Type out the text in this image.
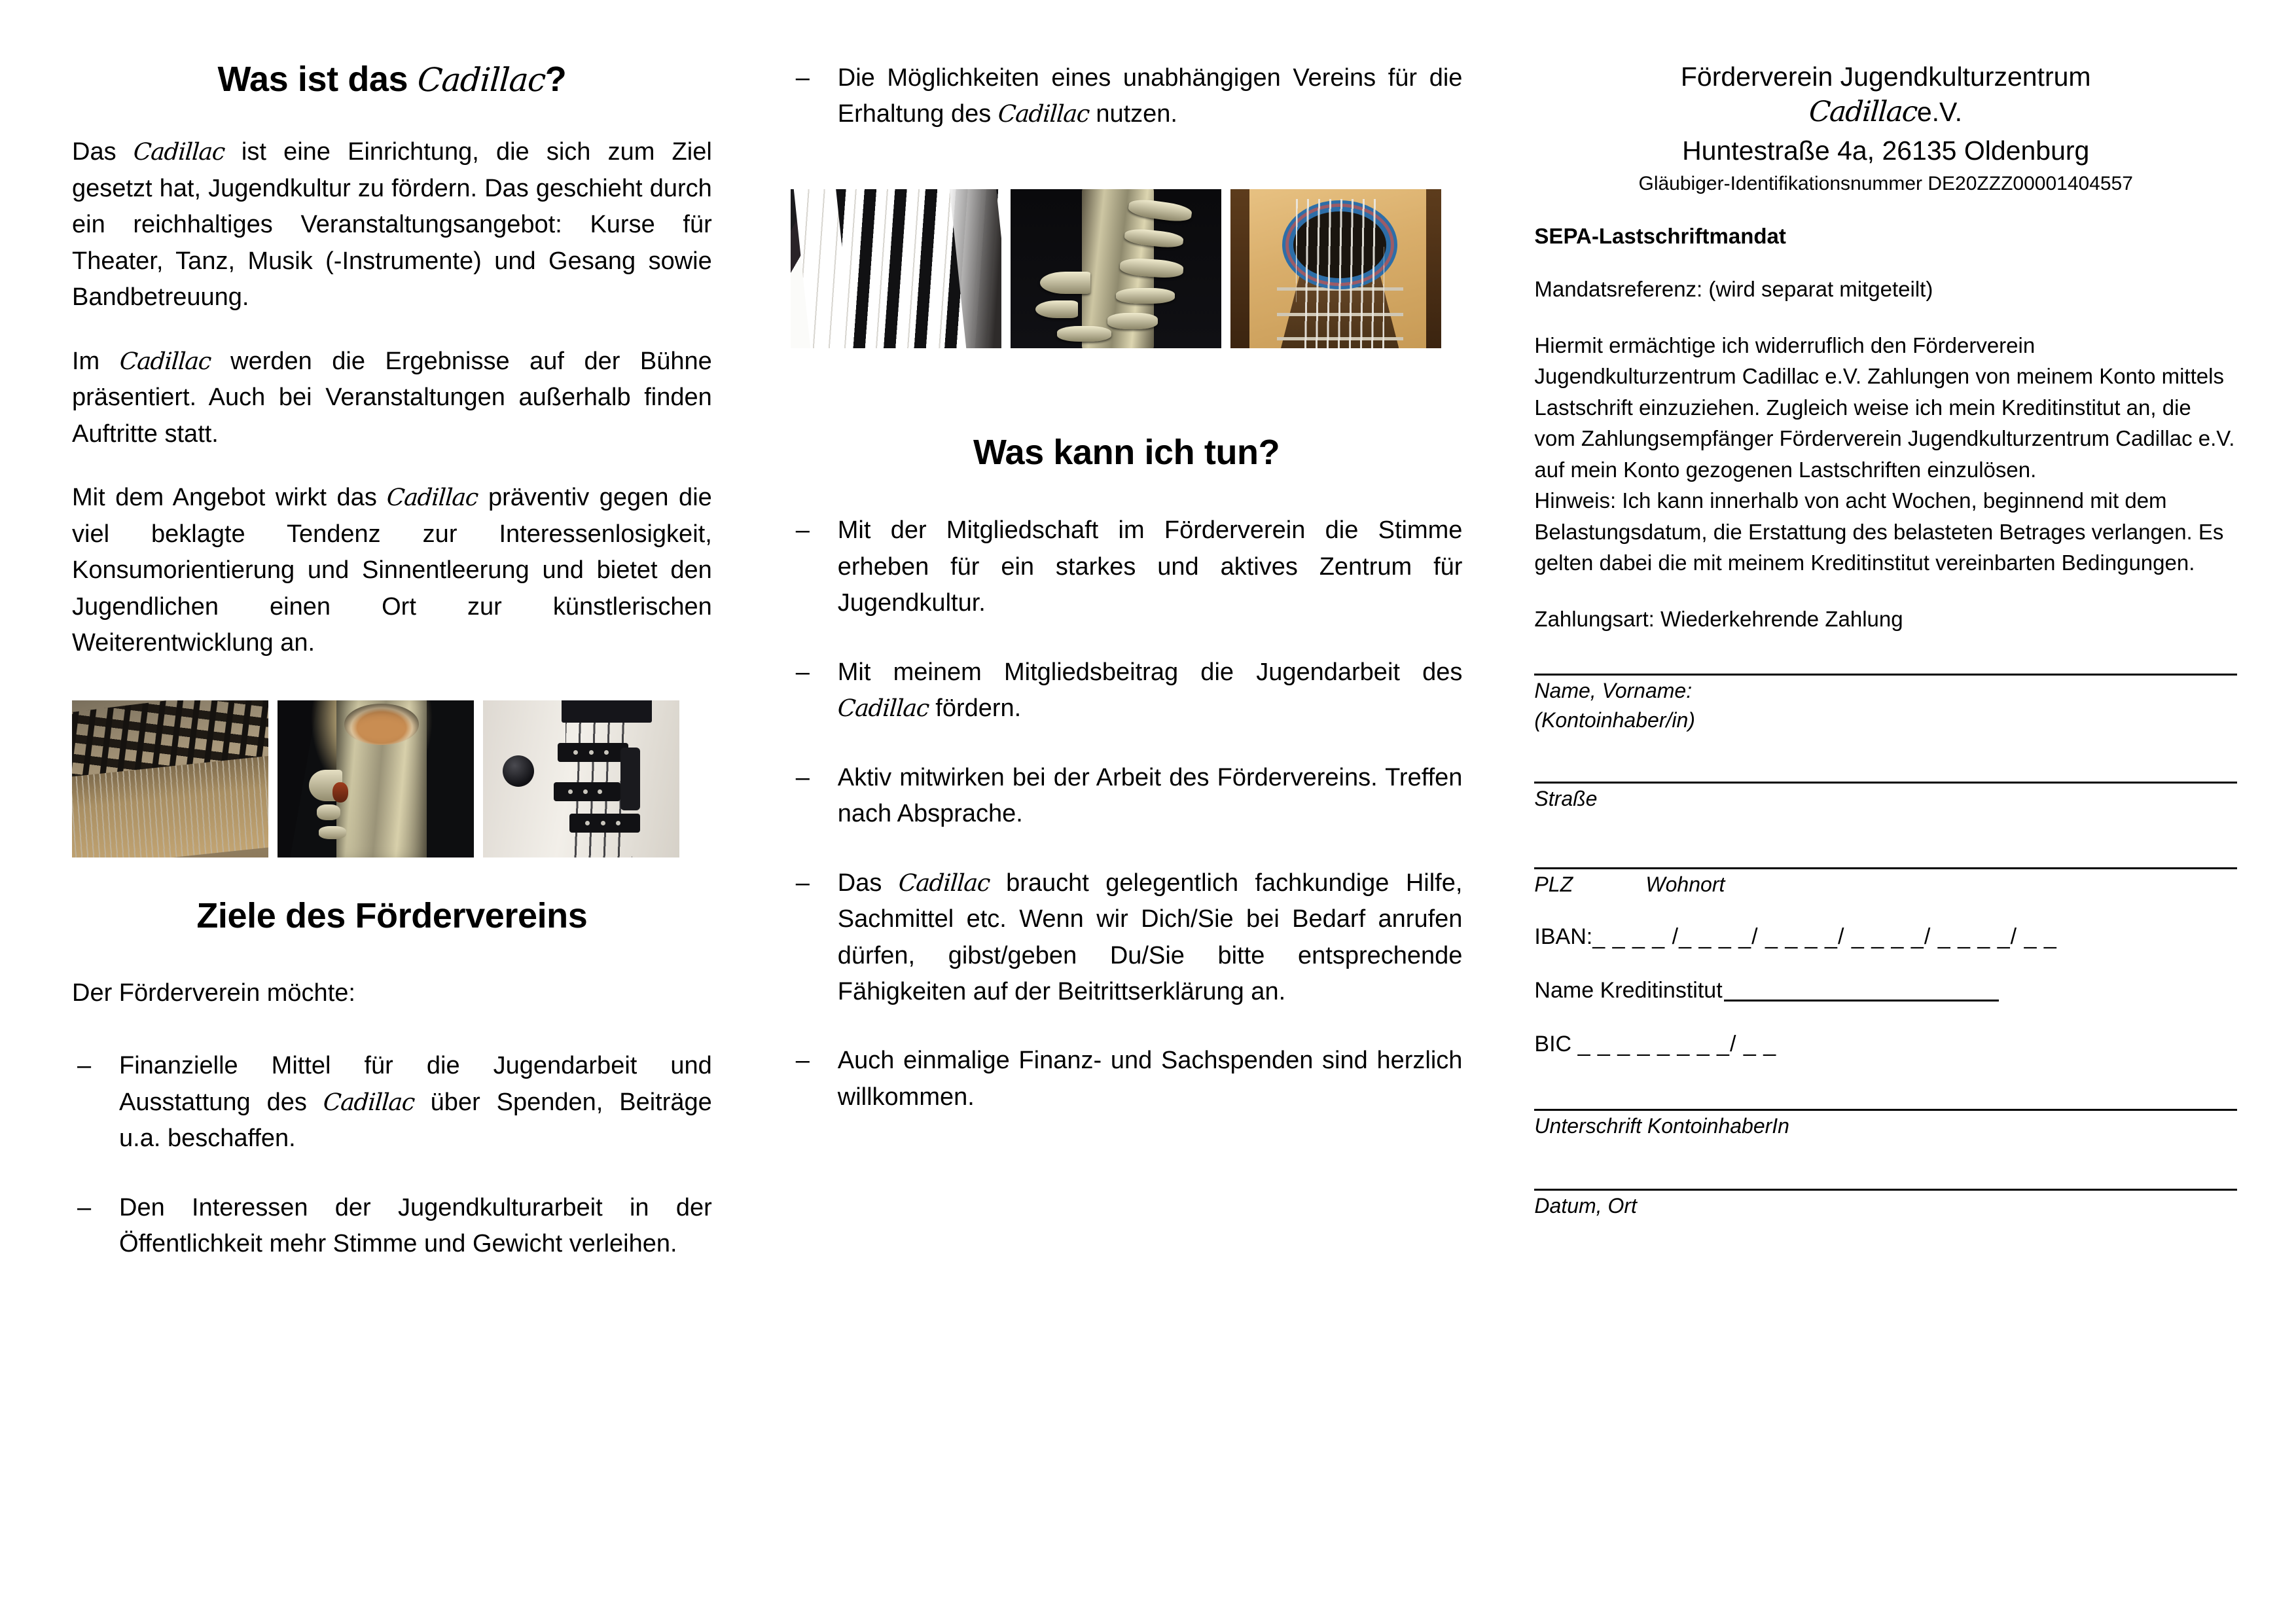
Was ist das Cadillac?

Das Cadillac ist eine Einrichtung, die sich zum Ziel gesetzt hat, Jugendkultur zu fördern. Das geschieht durch ein reichhaltiges Veranstaltungsangebot: Kurse für Theater, Tanz, Musik (-Instrumente) und Gesang sowie Bandbetreuung.

Im Cadillac werden die Ergebnisse auf der Bühne präsentiert. Auch bei Veranstaltungen außerhalb finden Auftritte statt.

Mit dem Angebot wirkt das Cadillac präventiv gegen die viel beklagte Tendenz zur Interessenlosigkeit, Konsumorientierung und Sinnentleerung und bietet den Jugendlichen einen Ort zur künstlerischen Weiterentwicklung an.

Ziele des Fördervereins

Der Förderverein möchte:

– Finanzielle Mittel für die Jugendarbeit und Ausstattung des Cadillac über Spenden, Beiträge u.a. beschaffen.
– Den Interessen der Jugendkulturarbeit in der Öffentlichkeit mehr Stimme und Gewicht verleihen.
– Die Möglichkeiten eines unabhängigen Vereins für die Erhaltung des Cadillac nutzen.
Was kann ich tun?
– Mit der Mitgliedschaft im Förderverein die Stimme erheben für ein starkes und aktives Zentrum für Jugendkultur.
– Mit meinem Mitgliedsbeitrag die Jugendarbeit des Cadillac fördern.
– Aktiv mitwirken bei der Arbeit des Fördervereins. Treffen nach Absprache.
– Das Cadillac braucht gelegentlich fachkundige Hilfe, Sachmittel etc. Wenn wir Dich/Sie bei Bedarf anrufen dürfen, gibst/geben Du/Sie bitte entsprechende Fähigkeiten auf der Beitrittserklärung an.
– Auch einmalige Finanz- und Sachspenden sind herzlich willkommen.

Förderverein Jugendkulturzentrum

Cadillace.V.

Huntestraße 4a, 26135 Oldenburg

Gläubiger-Identifikationsnummer DE20ZZZ00001404557

SEPA-Lastschriftmandat

Mandatsreferenz: (wird separat mitgeteilt)

Hiermit ermächtige ich widerruflich den Förderverein Jugendkulturzentrum Cadillac e.V. Zahlungen von meinem Konto mittels Lastschrift einzuziehen. Zugleich weise ich mein Kreditinstitut an, die vom Zahlungsempfänger Förderverein Jugendkulturzentrum Cadillac e.V. auf mein Konto gezogenen Lastschriften einzulösen.

Hinweis: Ich kann innerhalb von acht Wochen, beginnend mit dem Belastungsdatum, die Erstattung des belasteten Betrages verlangen. Es gelten dabei die mit meinem Kreditinstitut vereinbarten Bedingungen.

Zahlungsart: Wiederkehrende Zahlung

Name, Vorname:
(Kontoinhaber/in)
Straße
PLZ	Wohnort
IBAN:_ _ _ _ /_ _ _ _/ _ _ _ _/ _ _ _ _/ _ _ _ _/ _ _
Name Kreditinstitut
BIC _ _ _ _ _ _ _ _/ _ _
Unterschrift KontoinhaberIn
Datum, Ort
